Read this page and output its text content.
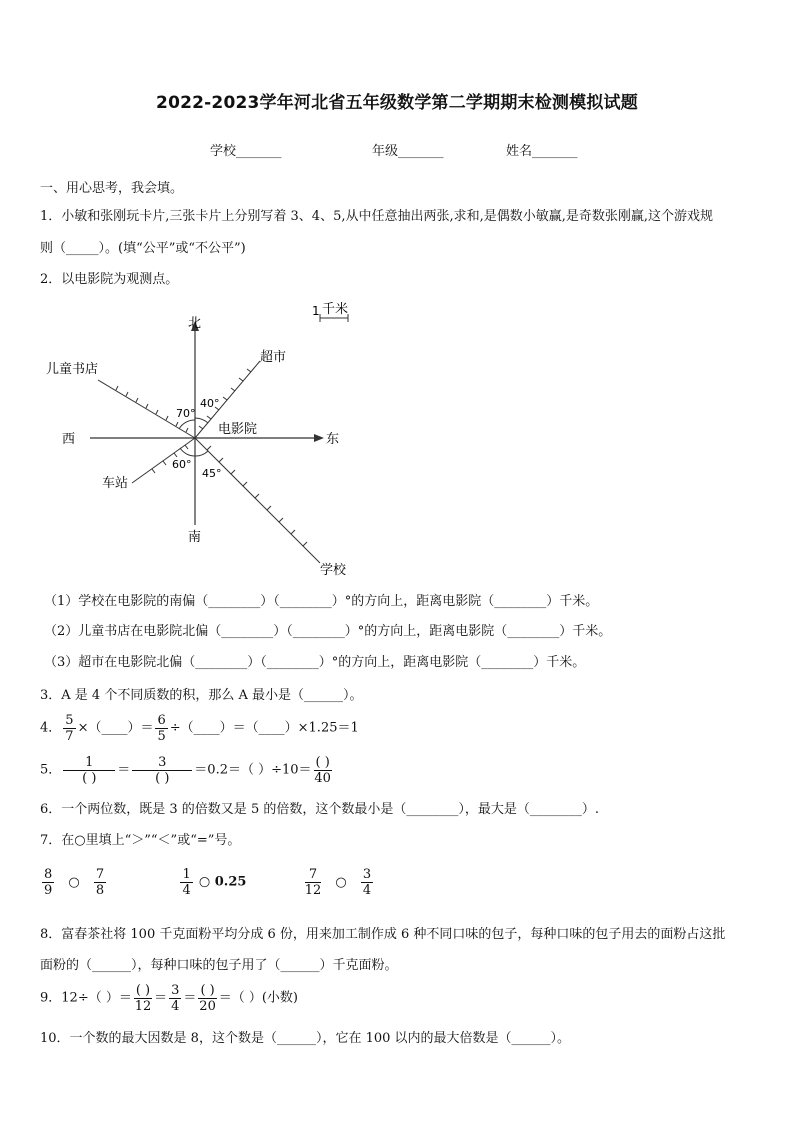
2022-2023学年河北省五年级数学第二学期期末检测模拟试题
学校_______	年级_______	姓名_______
一、用心思考，我会填。
1．小敏和张刚玩卡片,三张卡片上分别写着 3、4、5,从中任意抽出两张,求和,是偶数小敏赢,是奇数张刚赢,这个游戏规
则（_____）。(填“公平”或“不公平”)
2．以电影院为观测点。
1 千米
北
南
东
西
电影院
超市
儿童书店
车站
学校
40°
70°
60°
45°
（1）学校在电影院的南偏（________）（________）°的方向上，距离电影院（________）千米。
（2）儿童书店在电影院北偏（________）（________）°的方向上，距离电影院（________）千米。
（3）超市在电影院北偏（________）（________）°的方向上，距离电影院（________）千米。
3．A 是 4 个不同质数的积，那么 A 最小是（______）。
4． $\frac{5}{7}$ ×（____）＝ $\frac{6}{5}$ ÷（____）＝（____）×1.25＝1
5． $\frac{1}{( )} = \frac{3}{( )} =0.2=$（ ）$\div 10= \frac{( )}{40}$
6．一个两位数，既是 3 的倍数又是 5 的倍数，这个数最小是（________），最大是（________）.
7．在○里填上“＞”“＜”或“=”号。
$\frac{8}{9}$ ○ $\frac{7}{8}$
	$\frac{1}{4}$ ○ 0.25	$\frac{7}{12}$ ○ $\frac{3}{4}$
8．富春茶社将 100 千克面粉平均分成 6 份，用来加工制作成 6 种不同口味的包子，每种口味的包子用去的面粉占这批
面粉的（______），每种口味的包子用了（______）千克面粉。
9．12÷（ ）＝ $\frac{( )}{12} = \frac{3}{4} = \frac{( )}{20}$ ＝（ ）(小数)
10．一个数的最大因数是 8，这个数是（______），它在 100 以内的最大倍数是（______）。
